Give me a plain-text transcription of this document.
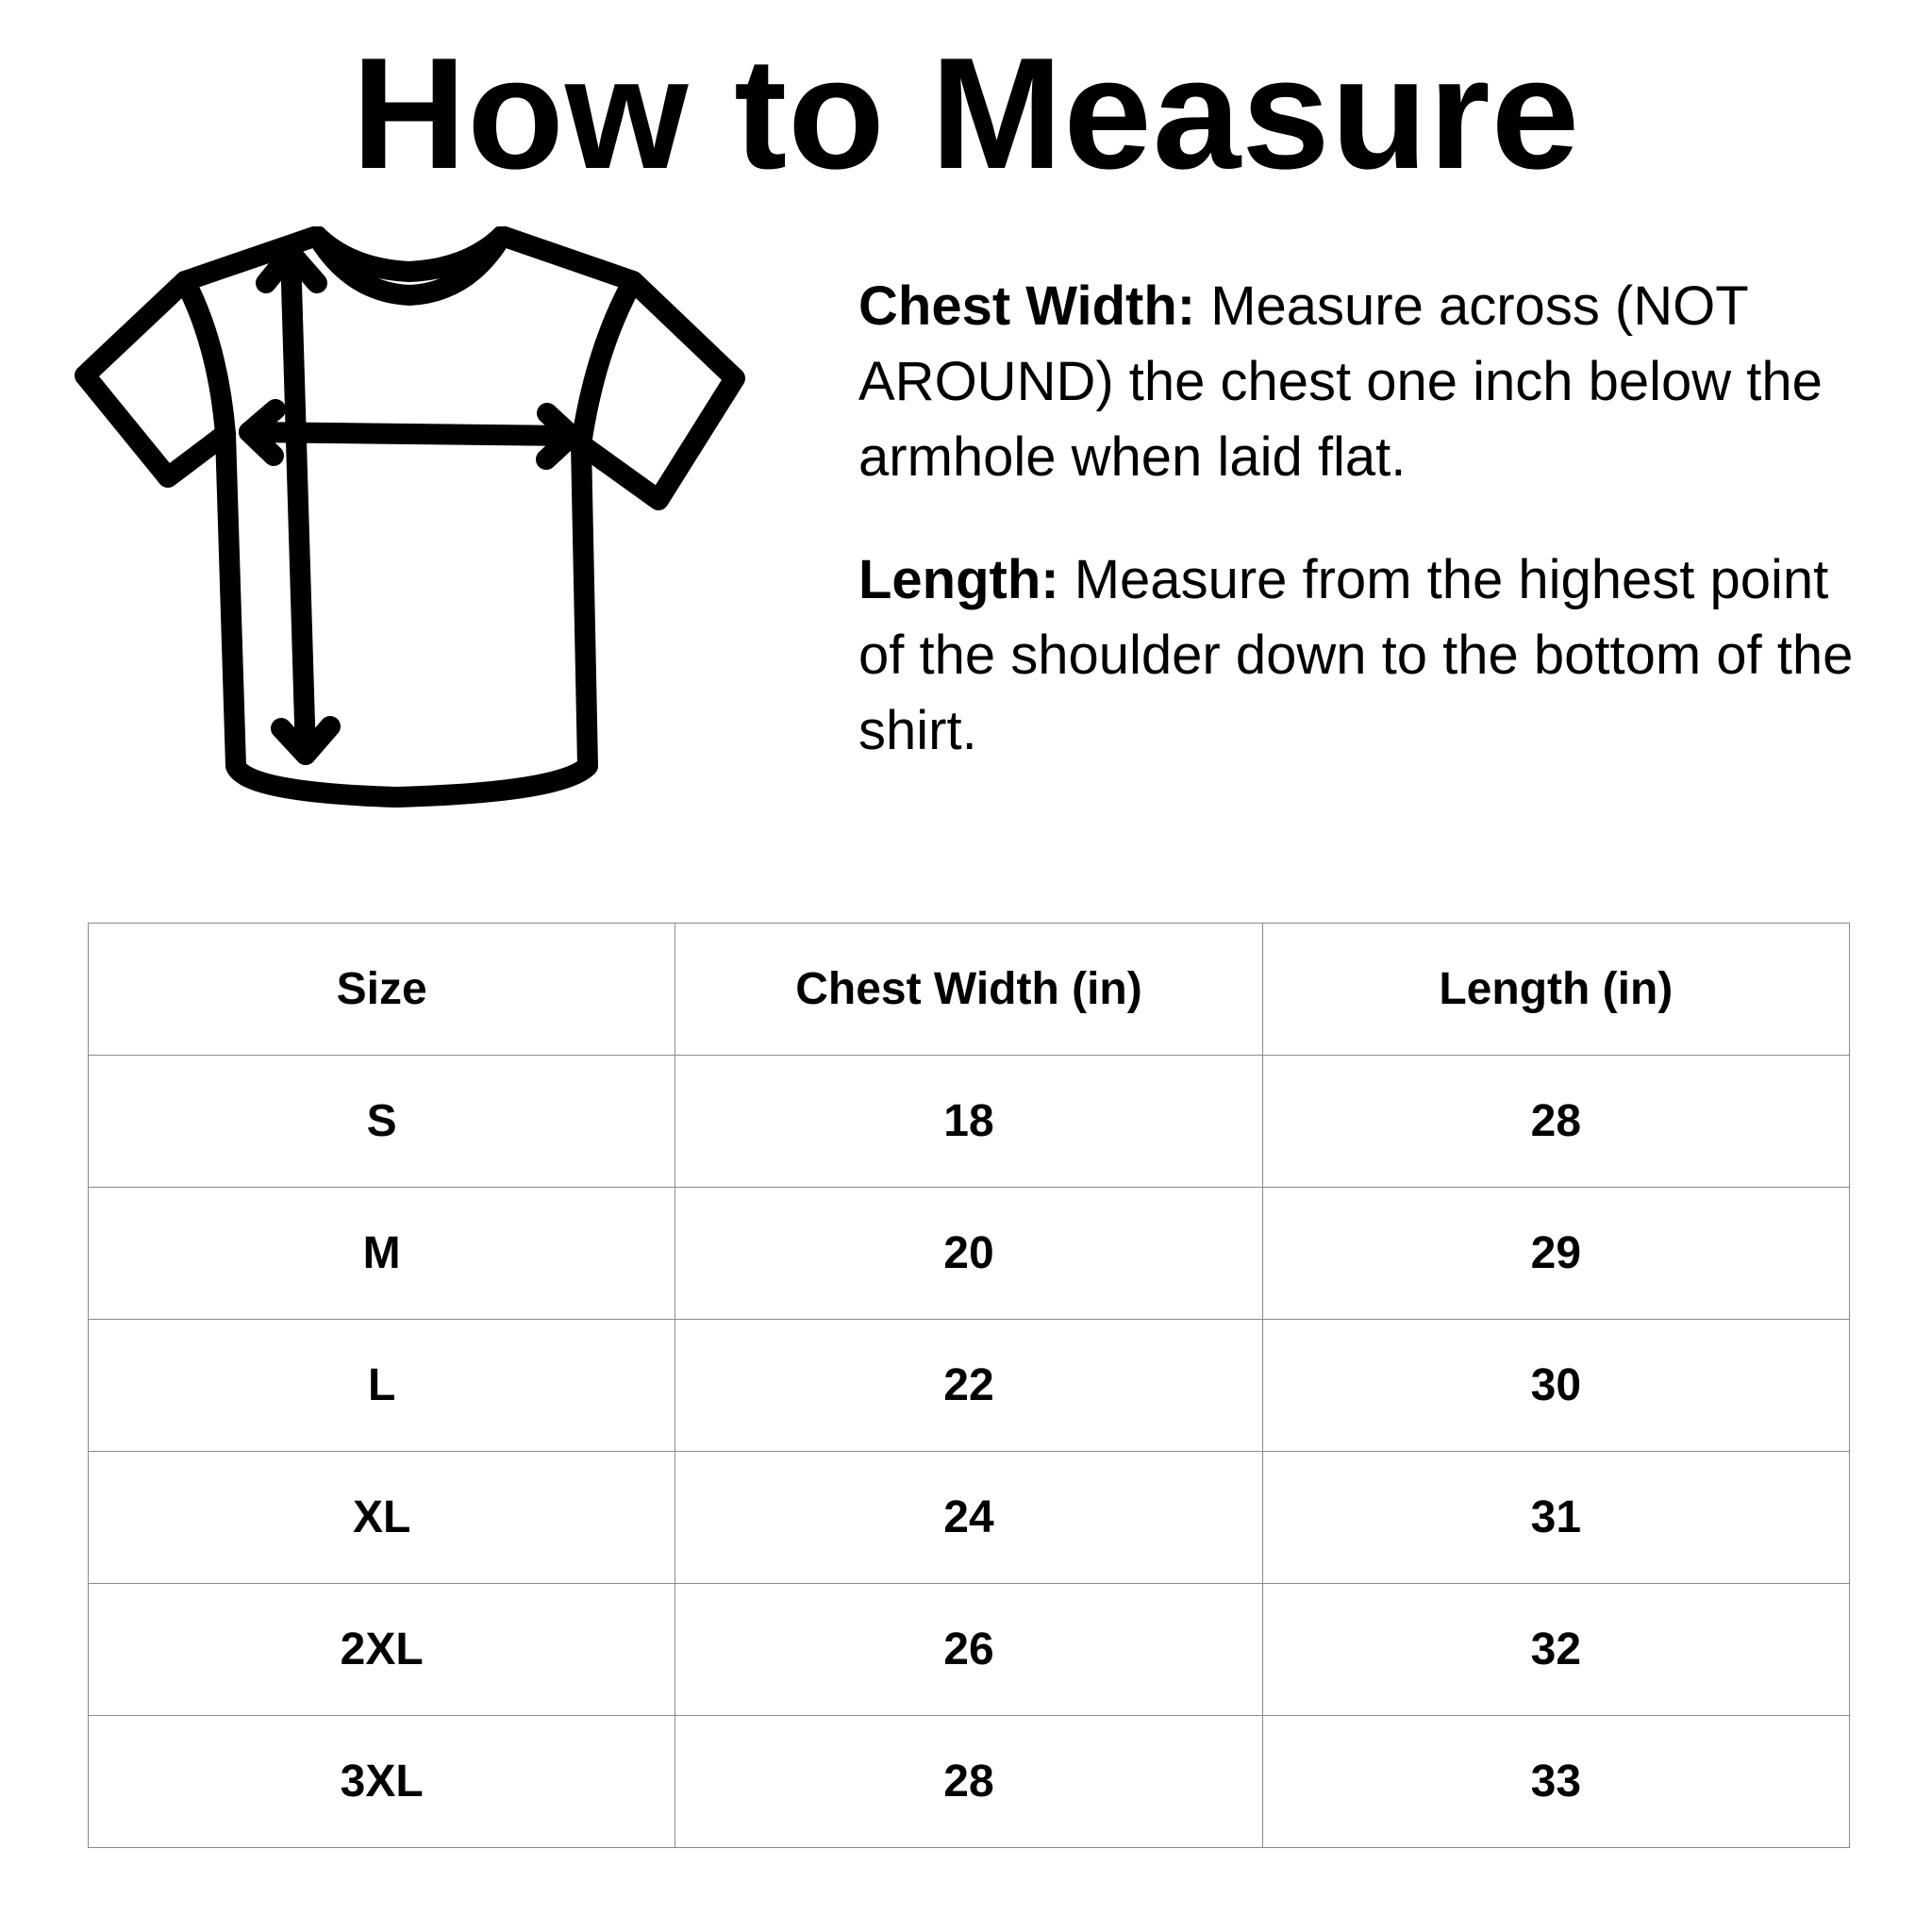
How to Measure

Chest Width: Measure across (NOT AROUND) the chest one inch below the armhole when laid flat.

Length: Measure from the highest point of the shoulder down to the bottom of the shirt.

Size	Chest Width (in)	Length (in)
S	18	28
M	20	29
L	22	30
XL	24	31
2XL	26	32
3XL	28	33
